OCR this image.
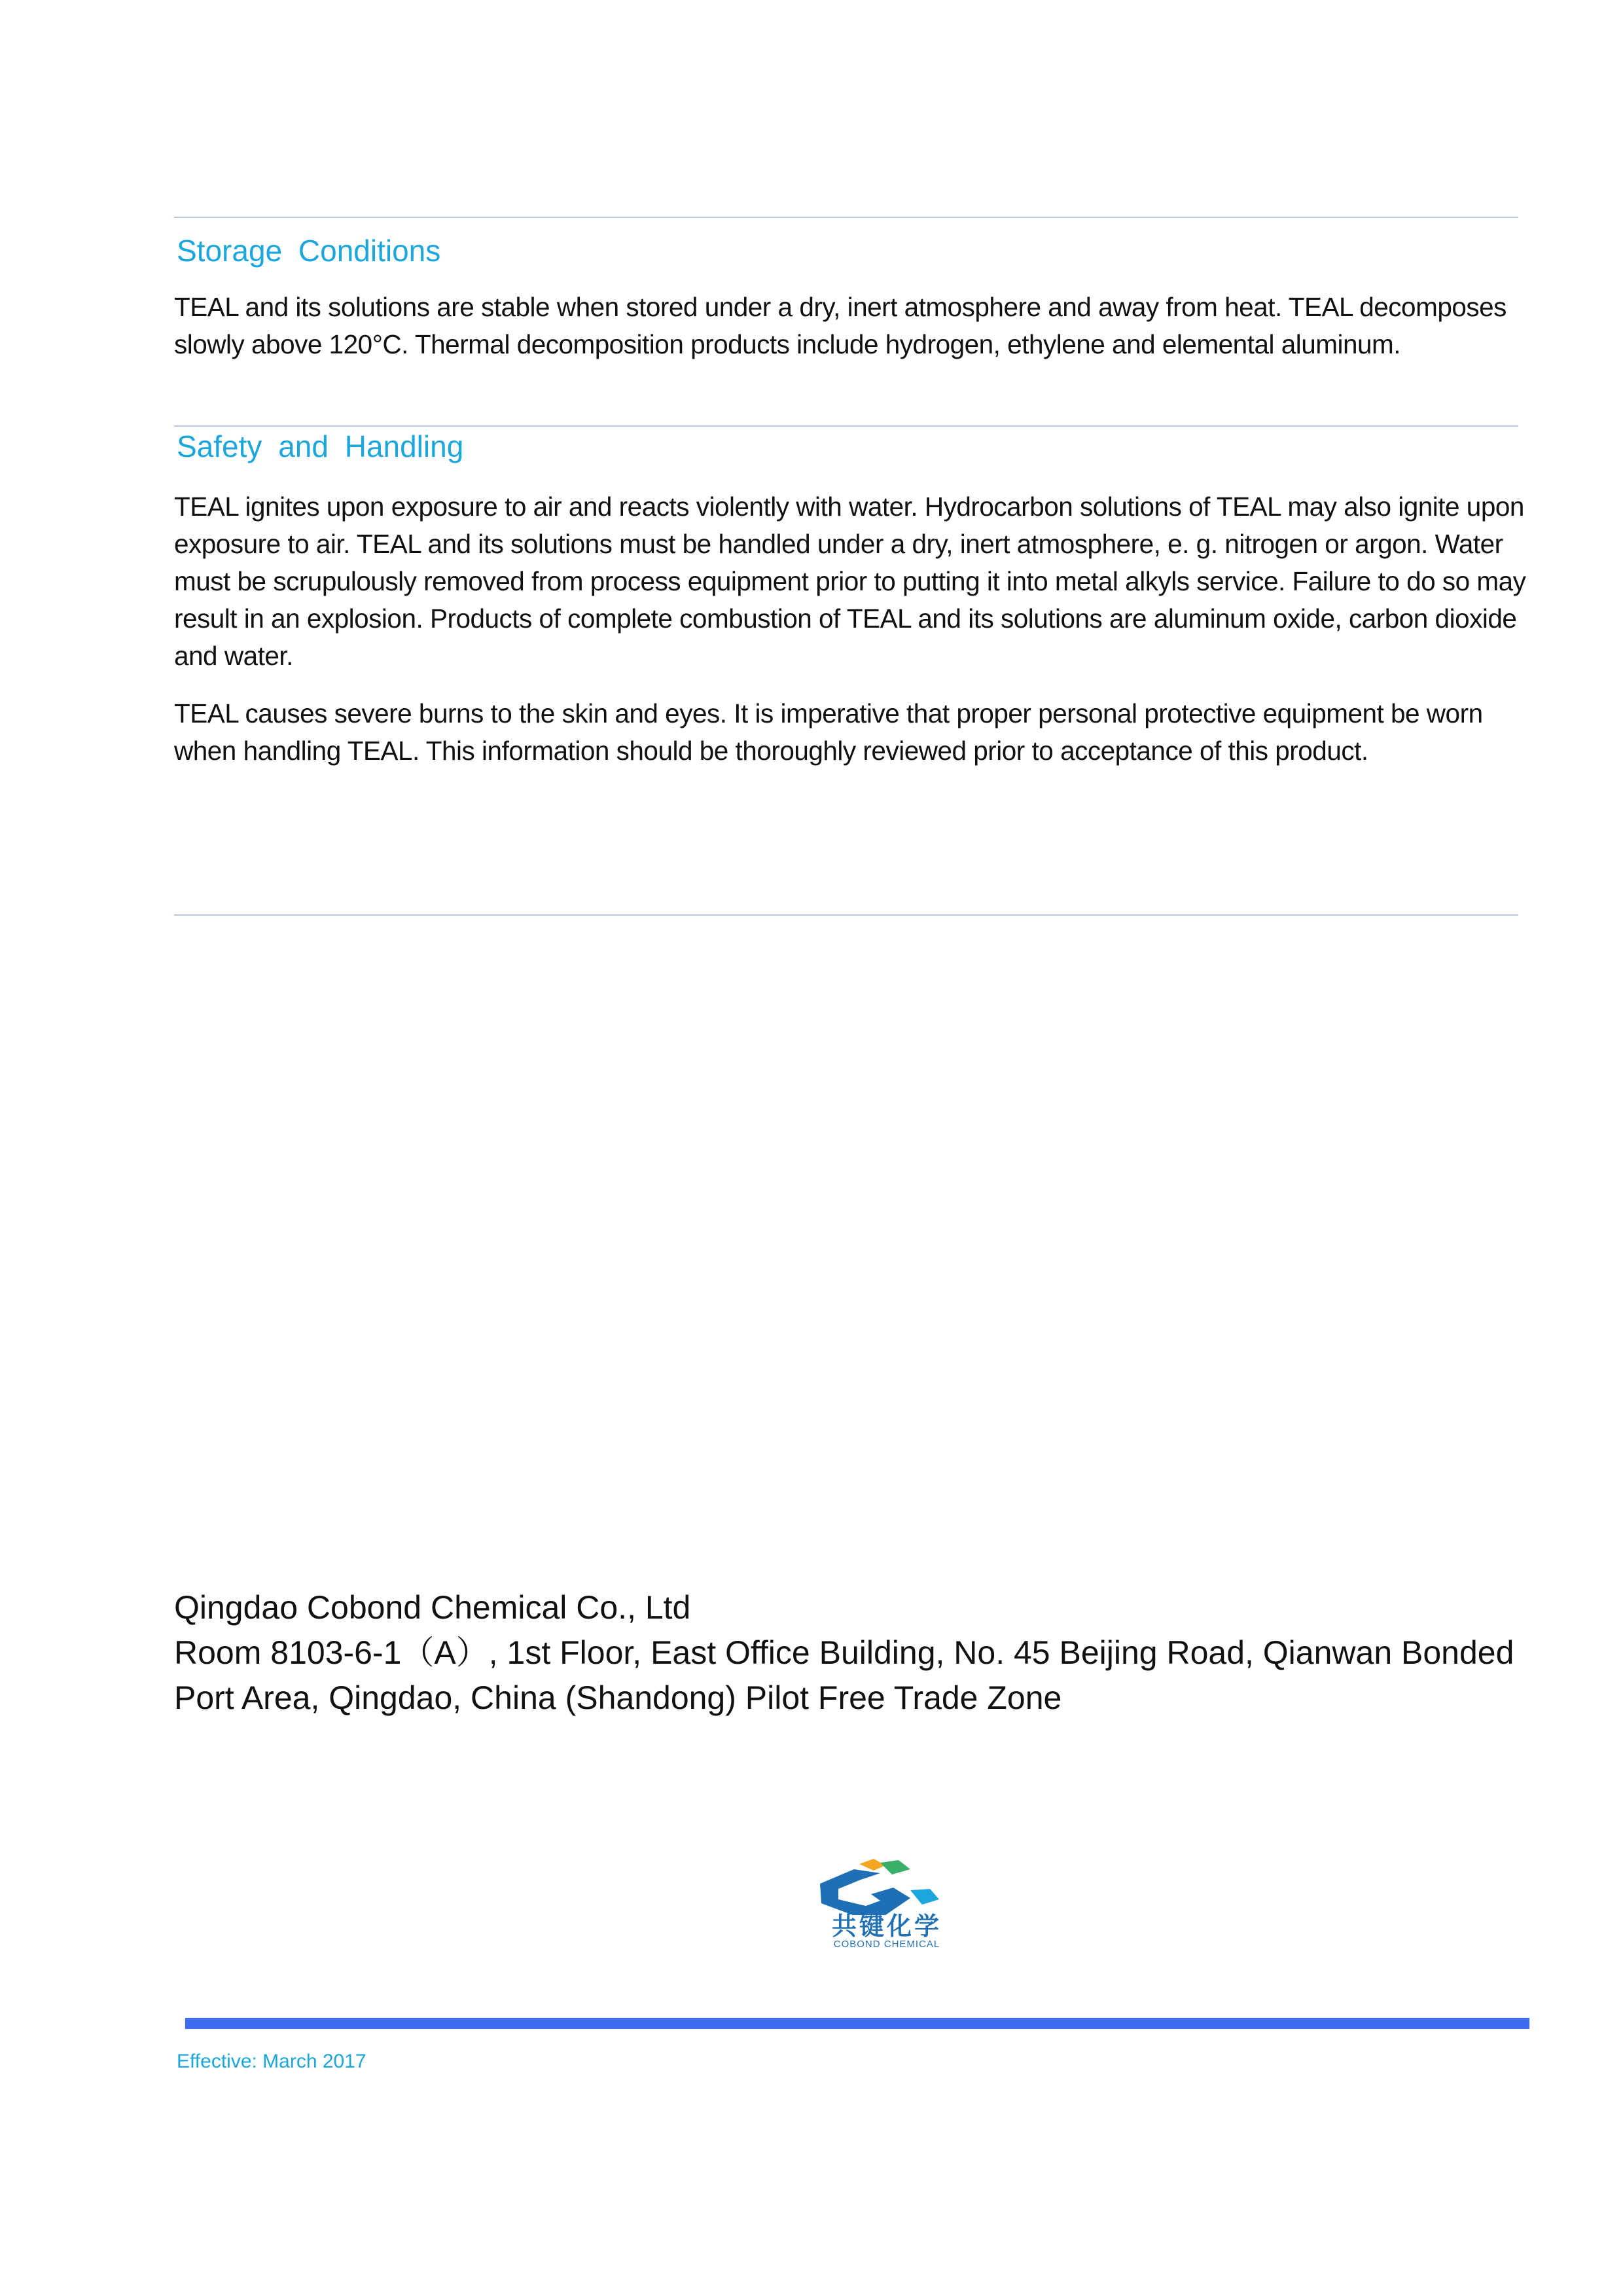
Storage Conditions

TEAL and its solutions are stable when stored under a dry, inert atmosphere and away from heat. TEAL decomposes slowly above 120°C. Thermal decomposition products include hydrogen, ethylene and elemental aluminum.

Safety and Handling

TEAL ignites upon exposure to air and reacts violently with water. Hydrocarbon solutions of TEAL may also ignite upon exposure to air. TEAL and its solutions must be handled under a dry, inert atmosphere, e. g. nitrogen or argon. Water must be scrupulously removed from process equipment prior to putting it into metal alkyls service. Failure to do so may result in an explosion. Products of complete combustion of TEAL and its solutions are aluminum oxide, carbon dioxide and water.

TEAL causes severe burns to the skin and eyes. It is imperative that proper personal protective equipment be worn when handling TEAL. This information should be thoroughly reviewed prior to acceptance of this product.

Qingdao Cobond Chemical Co., Ltd
Room 8103-6-1（A）, 1st Floor, East Office Building, No. 45 Beijing Road, Qianwan Bonded
Port Area, Qingdao, China (Shandong) Pilot Free Trade Zone
共键化学
COBOND CHEMICAL
Effective: March 2017
